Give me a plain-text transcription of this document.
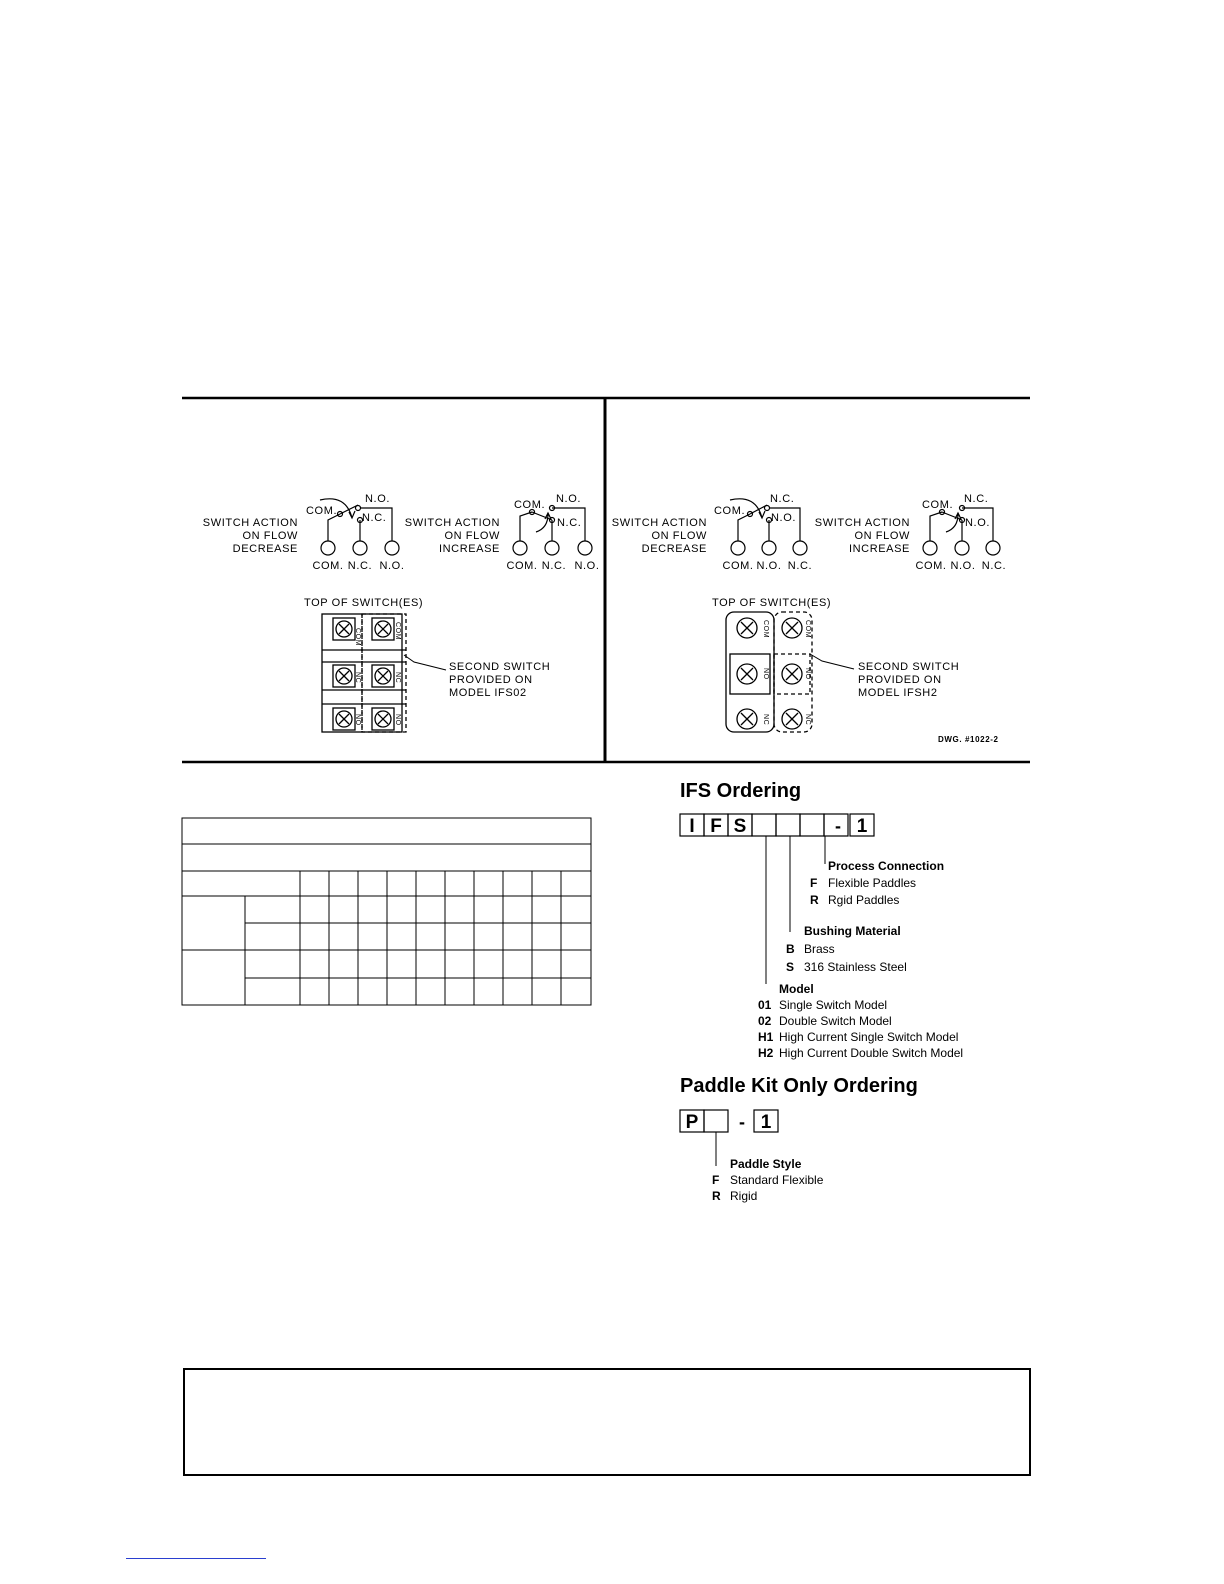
SWITCH ACTION
ON FLOW
DECREASE
COM.
N.O.
N.C.
COM. N.C. N.O.
SWITCH ACTION
ON FLOW
INCREASE
COM. N.O.
N.C.
COM. N.C. N.O.
TOP OF SWITCH(ES)
COM	COM
NC	NC
NO	NO
SECOND SWITCH
PROVIDED ON
MODEL IFS02
SWITCH ACTION
ON FLOW
DECREASE
COM.
N.C.
N.O.
COM. N.O. N.C.
SWITCH ACTION
ON FLOW
INCREASE
COM. N.C.
N.O.
COM. N.O. N.C.
TOP OF SWITCH(ES)
COM	COM
NO	NO
NC	NC
SECOND SWITCH
PROVIDED ON
MODEL IFSH2
DWG. #1022-2
IFS Ordering
I F S	- 1
Process Connection
F Flexible Paddles
R Rgid Paddles
Bushing Material
B Brass
S 316 Stainless Steel
Model
01 Single Switch Model
02 Double Switch Model
H1 High Current Single Switch Model
H2 High Current Double Switch Model
Paddle Kit Only Ordering
P - 1
Paddle Style
F Standard Flexible
R Rigid
